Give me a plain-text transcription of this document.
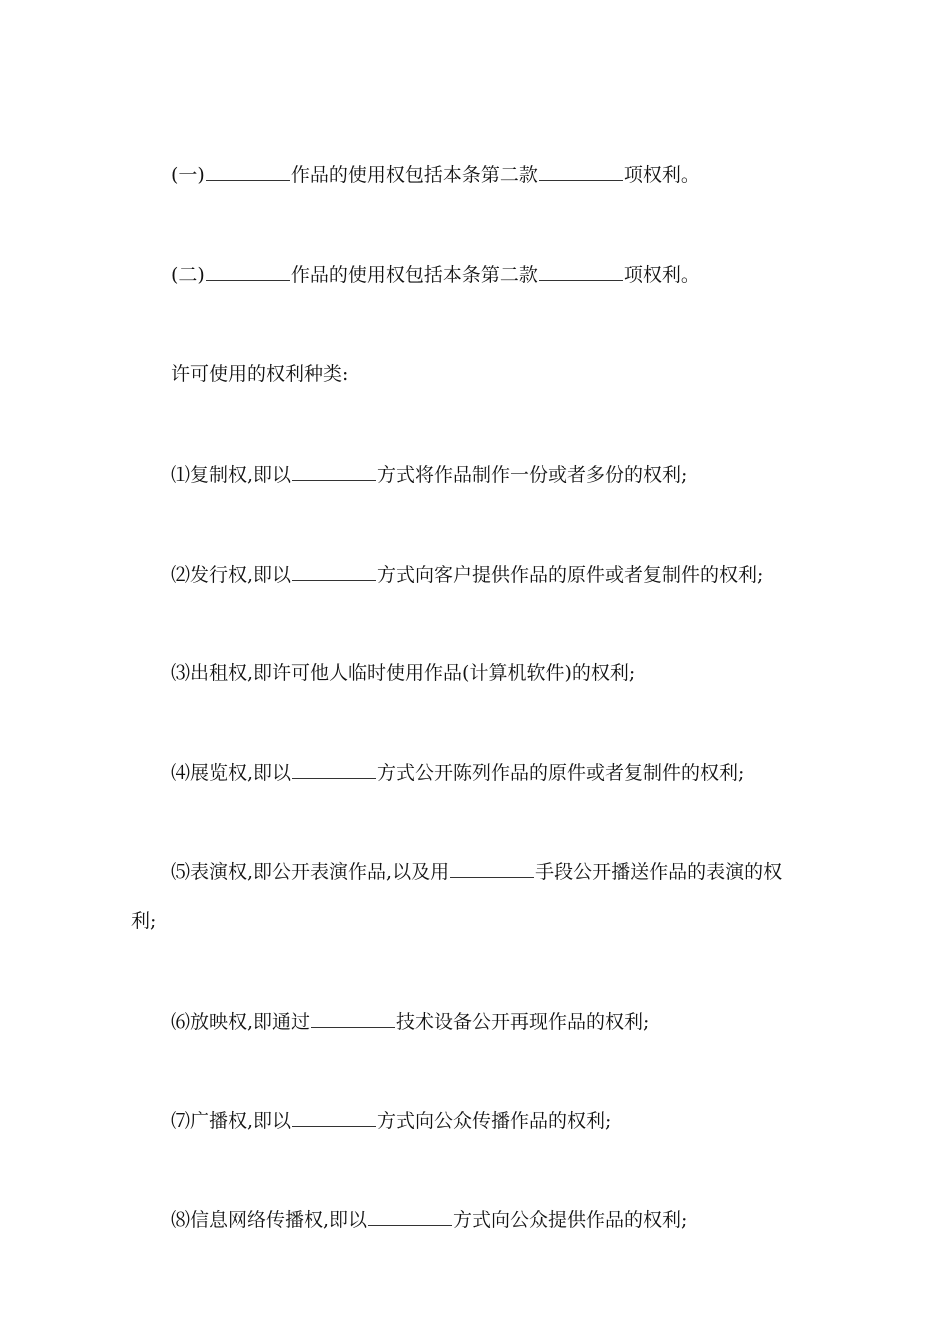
(一)	作品的使用权包括本条第二款	项权利。
(二)	作品的使用权包括本条第二款	项权利。
许可使用的权利种类:
⑴复制权,即以	方式将作品制作一份或者多份的权利;
⑵发行权,即以	方式向客户提供作品的原件或者复制件的权利;
⑶出租权,即许可他人临时使用作品(计算机软件)的权利;
⑷展览权,即以	方式公开陈列作品的原件或者复制件的权利;
⑸表演权,即公开表演作品,以及用	手段公开播送作品的表演的权
利;
⑹放映权,即通过	技术设备公开再现作品的权利;
⑺广播权,即以	方式向公众传播作品的权利;
⑻信息网络传播权,即以	方式向公众提供作品的权利;
